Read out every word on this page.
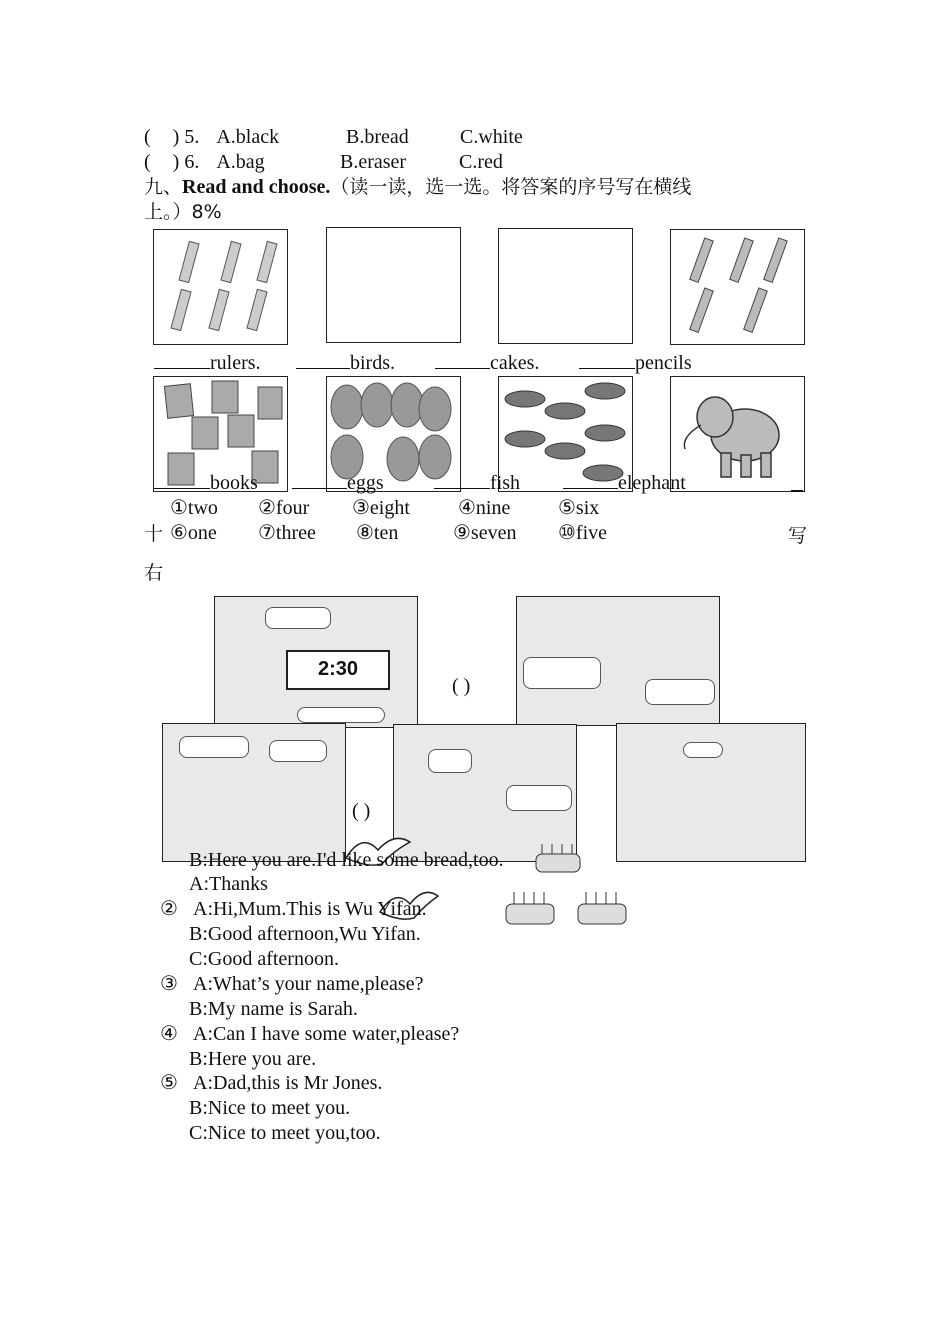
( ) 5. A.black	B.bread	C.white
( ) 6. A.bag	B.eraser	C.red
九、Read and choose.（读一读，选一选。将答案的序号写在横线
上。）8%
rulers.	birds.	cakes.	pencils
books	eggs	fish	elephant
①two ②four ③eight ④nine ⑤six
十 ⑥one ⑦three ⑧ten	⑨seven ⑩five	写
右
2:30
( )
( )
B:Here you are.I'd like some bread,too.
A:Thanks
② A:Hi,Mum.This is Wu Yifan.
B:Good afternoon,Wu Yifan.
C:Good afternoon.
③ A:What’s your name,please?
B:My name is Sarah.
④ A:Can I have some water,please?
B:Here you are.
⑤ A:Dad,this is Mr Jones.
B:Nice to meet you.
C:Nice to meet you,too.
